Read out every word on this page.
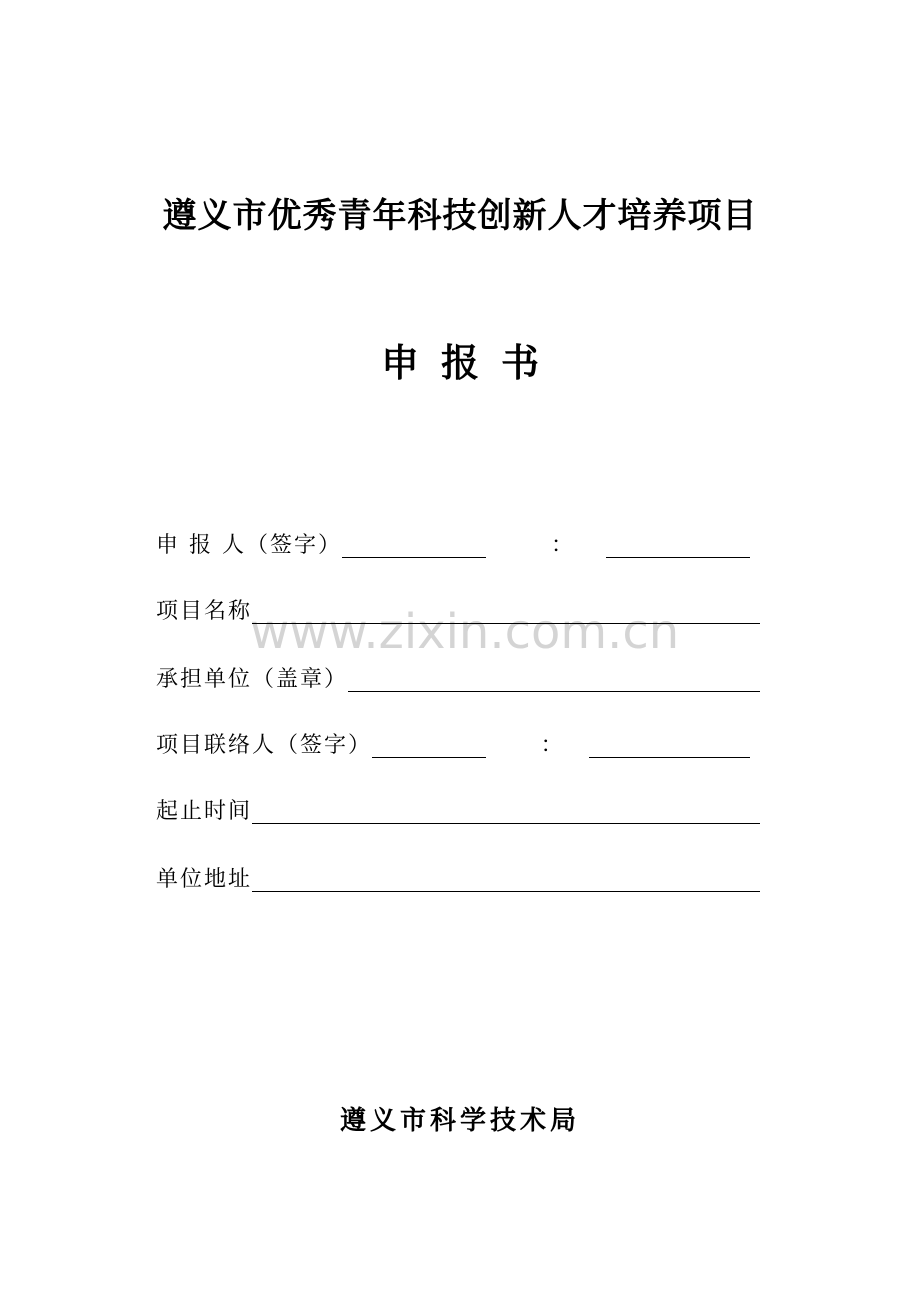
遵义市优秀青年科技创新人才培养项目
申报书
www.zixin.com.cn
申 报 人（签字）	：
项目名称
承担单位（盖章）
项目联络人（签字）	：
起止时间
单位地址
遵义市科学技术局
